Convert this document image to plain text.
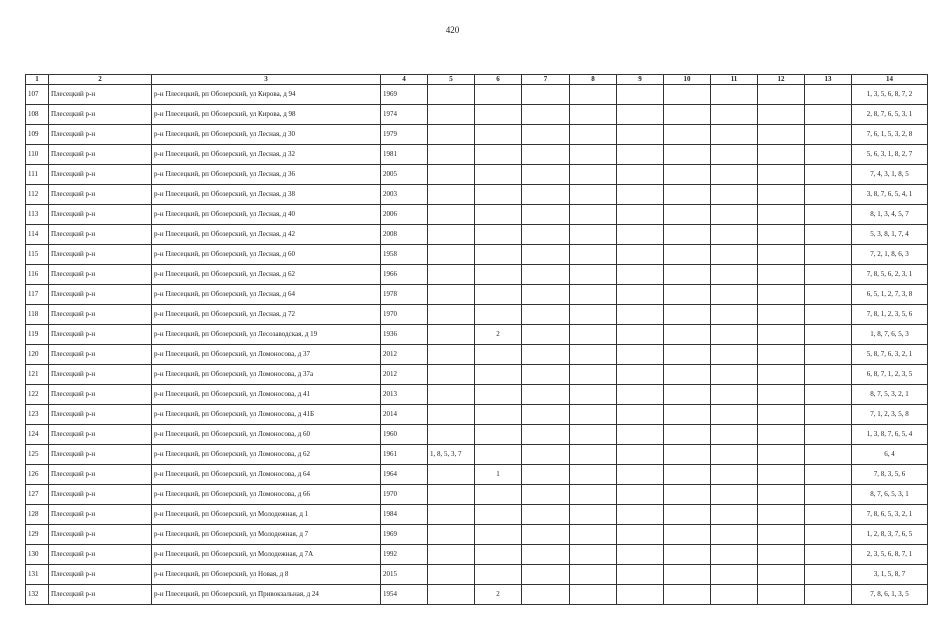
420
1	2	3	4	5	6	7	8	9	10	11	12	13	14
107	Плесецкий р-н	р-н Плесецкий, рп Обозерский, ул Кирова, д 94	1969										1, 3, 5, 6, 8, 7, 2
108	Плесецкий р-н	р-н Плесецкий, рп Обозерский, ул Кирова, д 98	1974										2, 8, 7, 6, 5, 3, 1
109	Плесецкий р-н	р-н Плесецкий, рп Обозерский, ул Лесная, д 30	1979										7, 6, 1, 5, 3, 2, 8
110	Плесецкий р-н	р-н Плесецкий, рп Обозерский, ул Лесная, д 32	1981										5, 6, 3, 1, 8, 2, 7
111	Плесецкий р-н	р-н Плесецкий, рп Обозерский, ул Лесная, д 36	2005										7, 4, 3, 1, 8, 5
112	Плесецкий р-н	р-н Плесецкий, рп Обозерский, ул Лесная, д 38	2003										3, 8, 7, 6, 5, 4, 1
113	Плесецкий р-н	р-н Плесецкий, рп Обозерский, ул Лесная, д 40	2006										8, 1, 3, 4, 5, 7
114	Плесецкий р-н	р-н Плесецкий, рп Обозерский, ул Лесная, д 42	2008										5, 3, 8, 1, 7, 4
115	Плесецкий р-н	р-н Плесецкий, рп Обозерский, ул Лесная, д 60	1958										7, 2, 1, 8, 6, 3
116	Плесецкий р-н	р-н Плесецкий, рп Обозерский, ул Лесная, д 62	1966										7, 8, 5, 6, 2, 3, 1
117	Плесецкий р-н	р-н Плесецкий, рп Обозерский, ул Лесная, д 64	1978										6, 5, 1, 2, 7, 3, 8
118	Плесецкий р-н	р-н Плесецкий, рп Обозерский, ул Лесная, д 72	1970										7, 8, 1, 2, 3, 5, 6
119	Плесецкий р-н	р-н Плесецкий, рп Обозерский, ул Лесозаводская, д 19	1936		2								1, 8, 7, 6, 5, 3
120	Плесецкий р-н	р-н Плесецкий, рп Обозерский, ул Ломоносова, д 37	2012										5, 8, 7, 6, 3, 2, 1
121	Плесецкий р-н	р-н Плесецкий, рп Обозерский, ул Ломоносова, д 37а	2012										6, 8, 7, 1, 2, 3, 5
122	Плесецкий р-н	р-н Плесецкий, рп Обозерский, ул Ломоносова, д 41	2013										8, 7, 5, 3, 2, 1
123	Плесецкий р-н	р-н Плесецкий, рп Обозерский, ул Ломоносова, д 41Б	2014										7, 1, 2, 3, 5, 8
124	Плесецкий р-н	р-н Плесецкий, рп Обозерский, ул Ломоносова, д 60	1960										1, 3, 8, 7, 6, 5, 4
125	Плесецкий р-н	р-н Плесецкий, рп Обозерский, ул Ломоносова, д 62	1961	1, 8, 5, 3, 7									6, 4
126	Плесецкий р-н	р-н Плесецкий, рп Обозерский, ул Ломоносова, д 64	1964		1								7, 8, 3, 5, 6
127	Плесецкий р-н	р-н Плесецкий, рп Обозерский, ул Ломоносова, д 66	1970										8, 7, 6, 5, 3, 1
128	Плесецкий р-н	р-н Плесецкий, рп Обозерский, ул Молодежная, д 1	1984										7, 8, 6, 5, 3, 2, 1
129	Плесецкий р-н	р-н Плесецкий, рп Обозерский, ул Молодежная, д 7	1969										1, 2, 8, 3, 7, 6, 5
130	Плесецкий р-н	р-н Плесецкий, рп Обозерский, ул Молодежная, д 7А	1992										2, 3, 5, 6, 8, 7, 1
131	Плесецкий р-н	р-н Плесецкий, рп Обозерский, ул Новая, д 8	2015										3, 1, 5, 8, 7
132	Плесецкий р-н	р-н Плесецкий, рп Обозерский, ул Привокзальная, д 24	1954		2								7, 8, 6, 1, 3, 5
